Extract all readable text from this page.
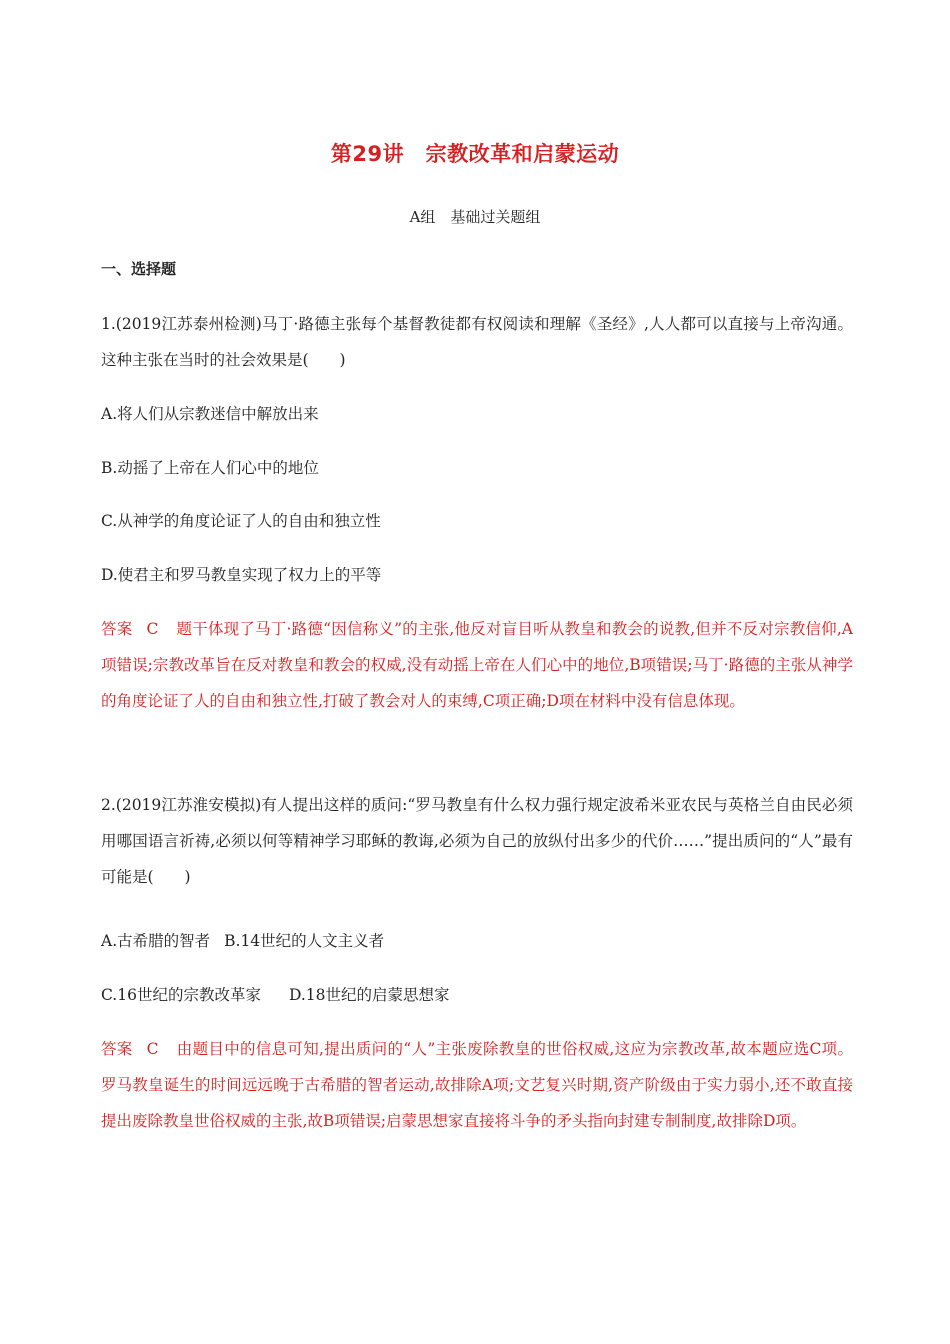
第29讲　宗教改革和启蒙运动
A组　基础过关题组
一、选择题
1.(2019江苏泰州检测)马丁·路德主张每个基督教徒都有权阅读和理解《圣经》,人人都可以直接与上帝沟通。这种主张在当时的社会效果是(　　)
A.将人们从宗教迷信中解放出来
B.动摇了上帝在人们心中的地位
C.从神学的角度论证了人的自由和独立性
D.使君主和罗马教皇实现了权力上的平等
答案 C 题干体现了马丁·路德“因信称义”的主张,他反对盲目听从教皇和教会的说教,但并不反对宗教信仰,A项错误;宗教改革旨在反对教皇和教会的权威,没有动摇上帝在人们心中的地位,B项错误;马丁·路德的主张从神学的角度论证了人的自由和独立性,打破了教会对人的束缚,C项正确;D项在材料中没有信息体现。
2.(2019江苏淮安模拟)有人提出这样的质问:“罗马教皇有什么权力强行规定波希米亚农民与英格兰自由民必须用哪国语言祈祷,必须以何等精神学习耶稣的教诲,必须为自己的放纵付出多少的代价……”提出质问的“人”最有可能是(　　)
A.古希腊的智者 B.14世纪的人文主义者
C.16世纪的宗教改革家 D.18世纪的启蒙思想家
答案 C 由题目中的信息可知,提出质问的“人”主张废除教皇的世俗权威,这应为宗教改革,故本题应选C项。罗马教皇诞生的时间远远晚于古希腊的智者运动,故排除A项;文艺复兴时期,资产阶级由于实力弱小,还不敢直接提出废除教皇世俗权威的主张,故B项错误;启蒙思想家直接将斗争的矛头指向封建专制制度,故排除D项。
